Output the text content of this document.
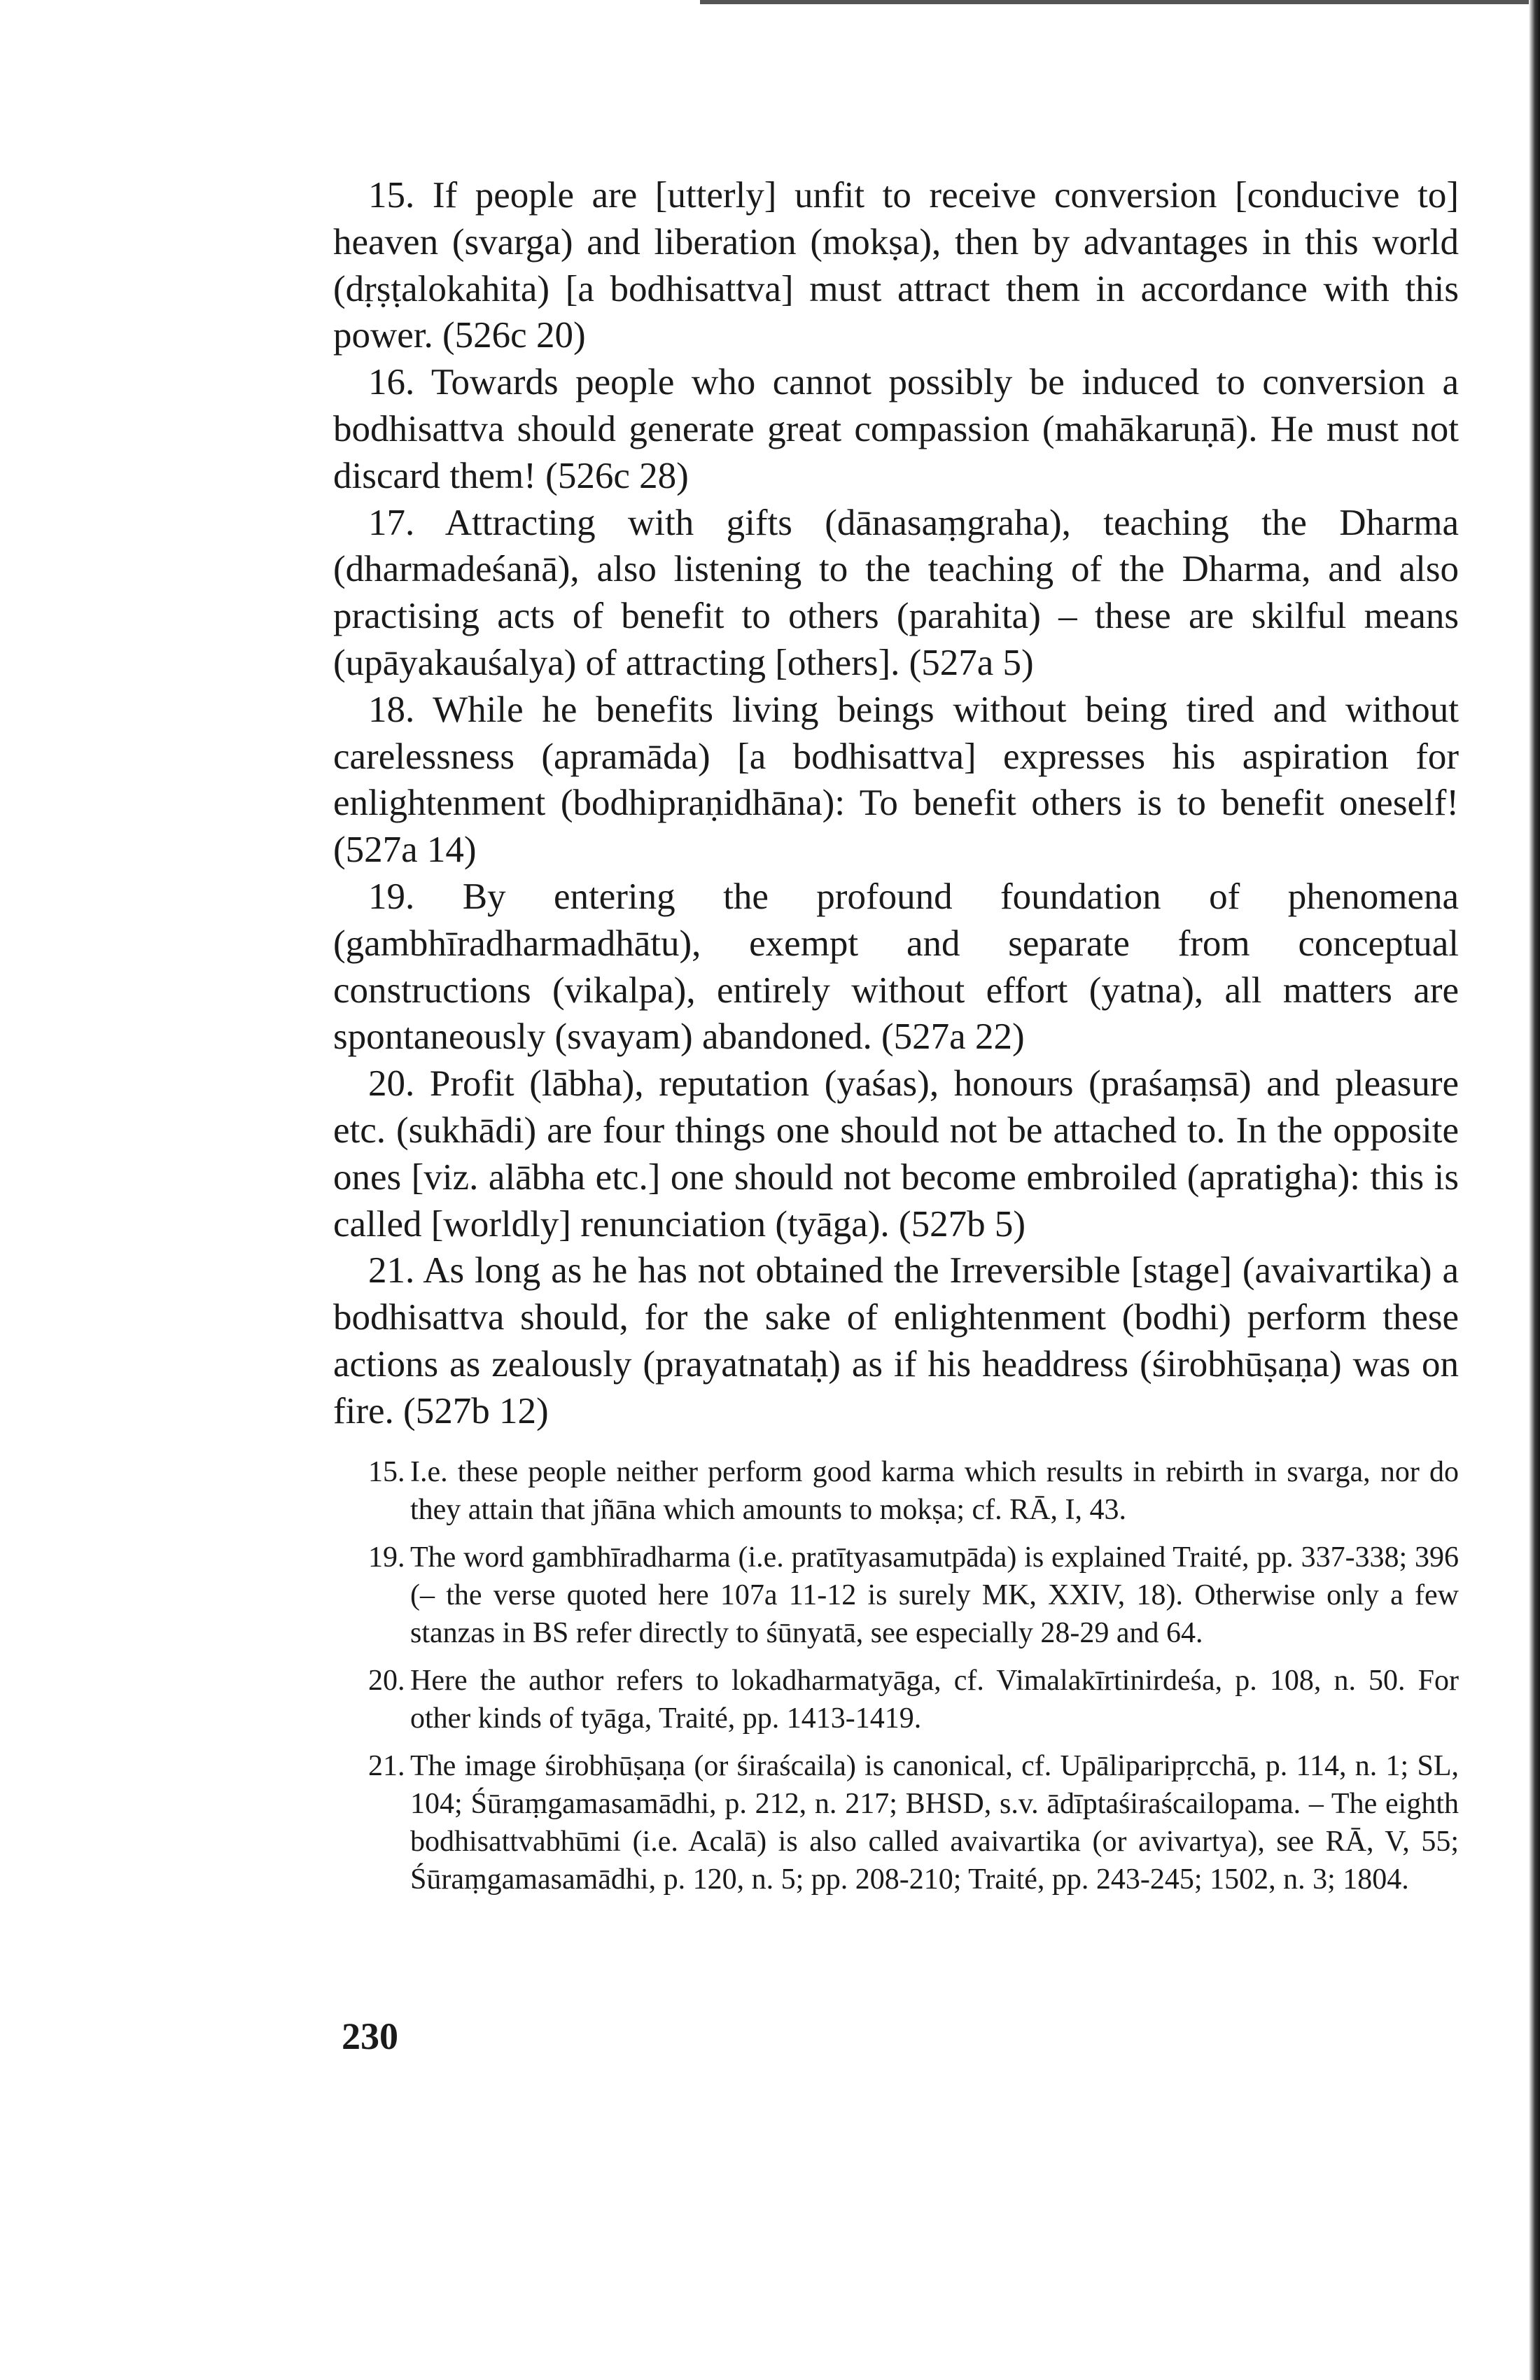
15. If people are [utterly] unfit to receive conversion [conducive to] heaven (svarga) and liberation (mokṣa), then by advantages in this world (dṛṣṭalokahita) [a bodhisattva] must attract them in accordance with this power. (526c 20)

16. Towards people who cannot possibly be induced to conversion a bodhisattva should generate great compassion (mahākaruṇā). He must not discard them! (526c 28)

17. Attracting with gifts (dānasaṃgraha), teaching the Dharma (dharmadeśanā), also listening to the teaching of the Dharma, and also practising acts of benefit to others (parahita) – these are skilful means (upāyakauśalya) of attracting [others]. (527a 5)

18. While he benefits living beings without being tired and without carelessness (apramāda) [a bodhisattva] expresses his aspiration for enlightenment (bodhipraṇidhāna): To benefit others is to benefit oneself! (527a 14)

19. By entering the profound foundation of phenomena (gambhīradharmadhātu), exempt and separate from conceptual constructions (vikalpa), entirely without effort (yatna), all matters are spontaneously (svayam) abandoned. (527a 22)

20. Profit (lābha), reputation (yaśas), honours (praśaṃsā) and pleasure etc. (sukhādi) are four things one should not be attached to. In the opposite ones [viz. alābha etc.] one should not become embroiled (apratigha): this is called [worldly] renunciation (tyāga). (527b 5)

21. As long as he has not obtained the Irreversible [stage] (avaivartika) a bodhisattva should, for the sake of enlightenment (bodhi) perform these actions as zealously (prayatnataḥ) as if his headdress (śirobhūṣaṇa) was on fire. (527b 12)

15. I.e. these people neither perform good karma which results in rebirth in svarga, nor do they attain that jñāna which amounts to mokṣa; cf. RĀ, I, 43.
19. The word gambhīradharma (i.e. pratītyasamutpāda) is explained Traité, pp. 337-338; 396 (– the verse quoted here 107a 11-12 is surely MK, XXIV, 18). Otherwise only a few stanzas in BS refer directly to śūnyatā, see especially 28-29 and 64.
20. Here the author refers to lokadharmatyāga, cf. Vimalakīrtinirdeśa, p. 108, n. 50. For other kinds of tyāga, Traité, pp. 1413-1419.
21. The image śirobhūṣaṇa (or śiraścaila) is canonical, cf. Upāliparipṛcchā, p. 114, n. 1; SL, 104; Śūraṃgamasamādhi, p. 212, n. 217; BHSD, s.v. ādīptaśiraścailopama. – The eighth bodhisattvabhūmi (i.e. Acalā) is also called avaivartika (or avivartya), see RĀ, V, 55; Śūraṃgamasamādhi, p. 120, n. 5; pp. 208-210; Traité, pp. 243-245; 1502, n. 3; 1804.
230
